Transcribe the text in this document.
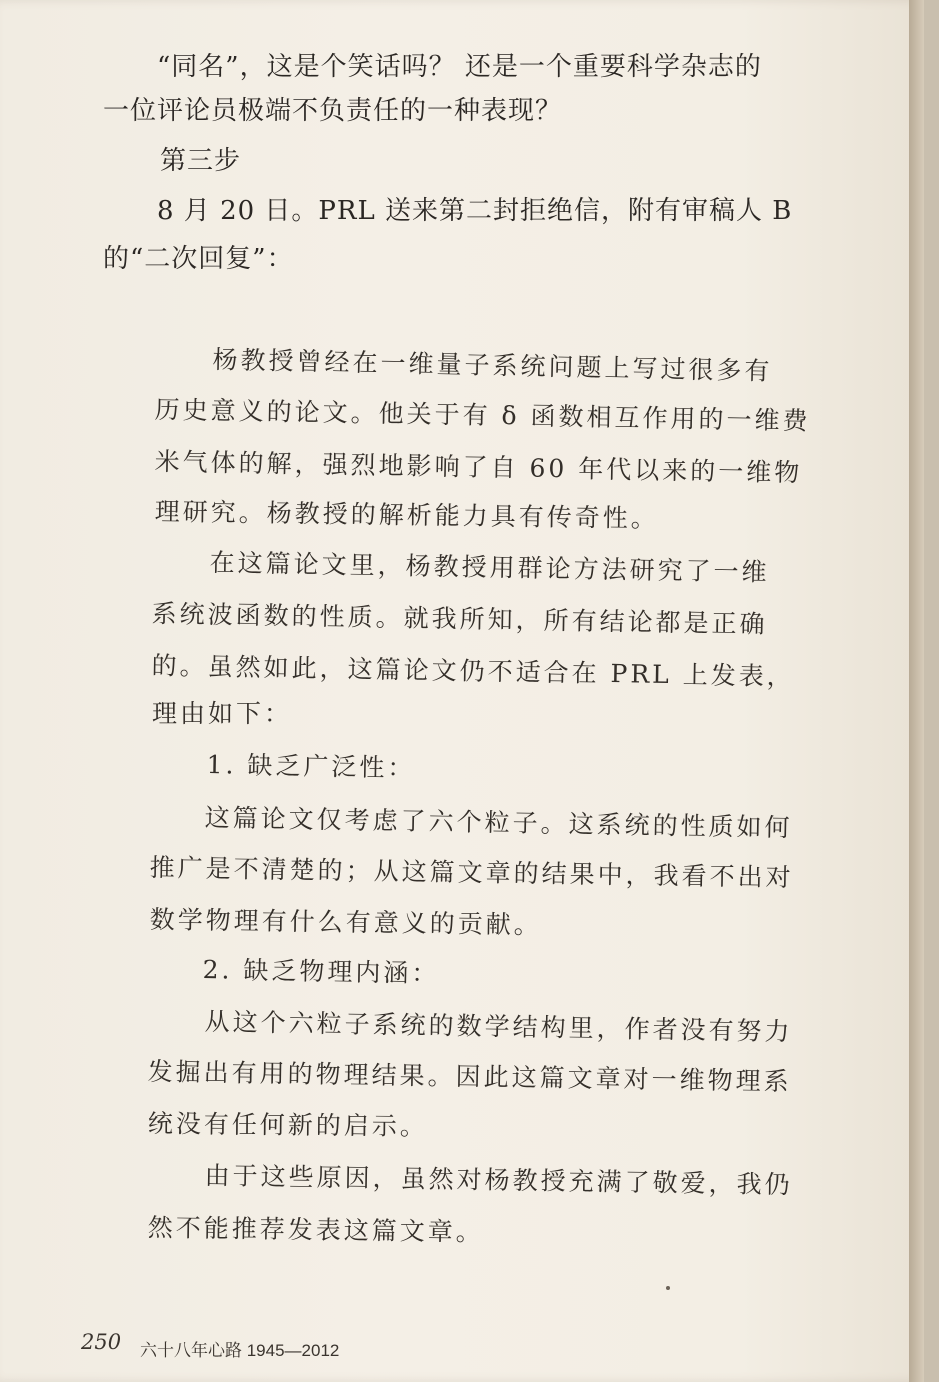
“同名”，这是个笑话吗？ 还是一个重要科学杂志的

一位评论员极端不负责任的一种表现？

第三步

8 月 20 日。PRL 送来第二封拒绝信，附有审稿人 B

的“二次回复”：

杨教授曾经在一维量子系统问题上写过很多有

历史意义的论文。他关于有 δ 函数相互作用的一维费

米气体的解，强烈地影响了自 60 年代以来的一维物

理研究。杨教授的解析能力具有传奇性。

在这篇论文里，杨教授用群论方法研究了一维

系统波函数的性质。就我所知，所有结论都是正确

的。虽然如此，这篇论文仍不适合在 PRL 上发表，

理由如下：

1. 缺乏广泛性：

这篇论文仅考虑了六个粒子。这系统的性质如何

推广是不清楚的；从这篇文章的结果中，我看不出对

数学物理有什么有意义的贡献。

2. 缺乏物理内涵：

从这个六粒子系统的数学结构里，作者没有努力

发掘出有用的物理结果。因此这篇文章对一维物理系

统没有任何新的启示。

由于这些原因，虽然对杨教授充满了敬爱，我仍

然不能推荐发表这篇文章。

250 六十八年心路 1945—2012
